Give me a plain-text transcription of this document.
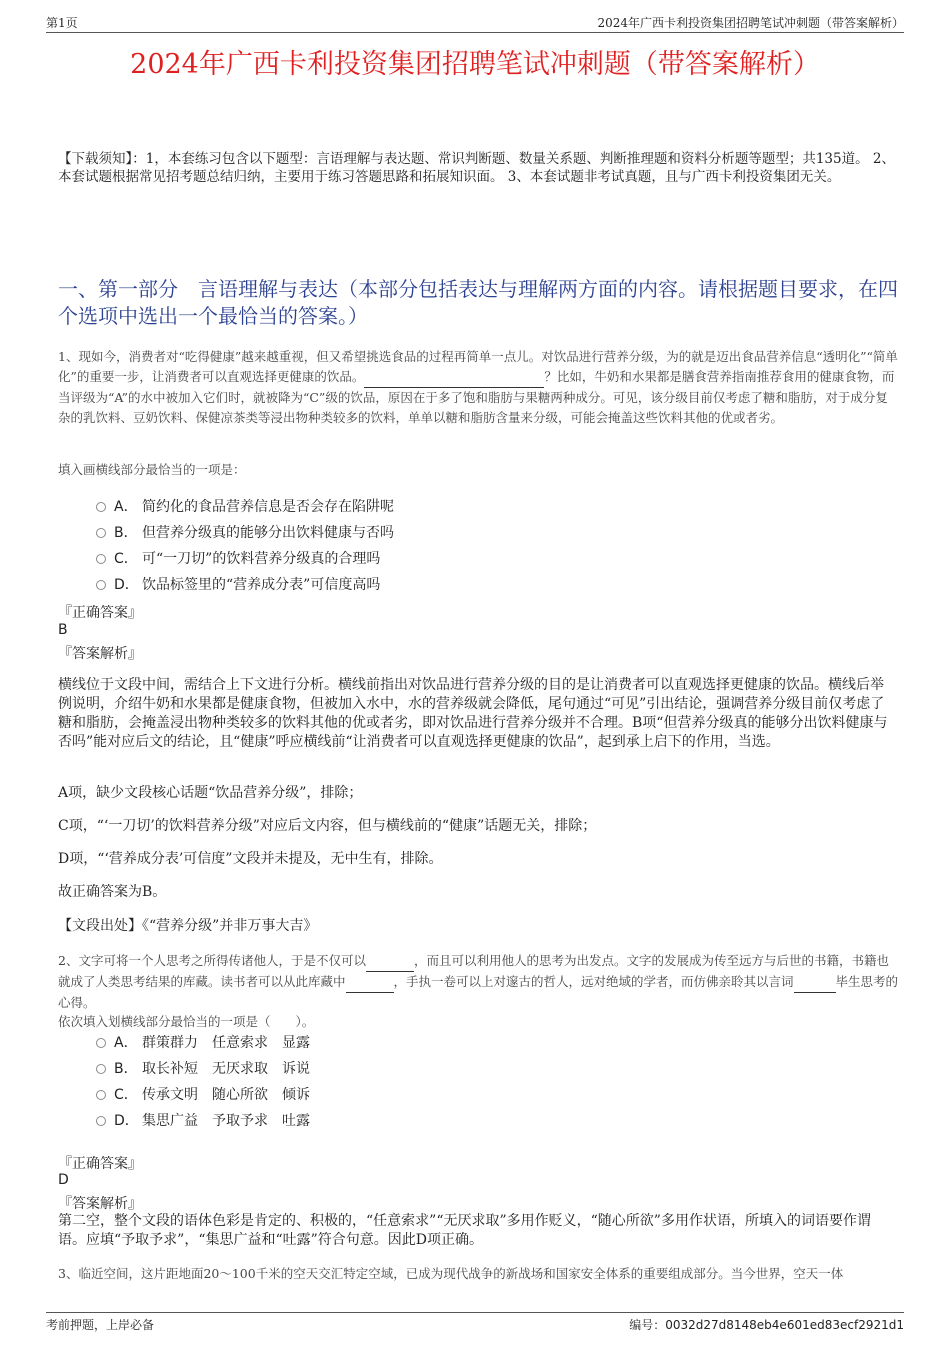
第1页	2024年广西卡利投资集团招聘笔试冲刺题（带答案解析）
2024年广西卡利投资集团招聘笔试冲刺题（带答案解析）
【下载须知】：1，本套练习包含以下题型：言语理解与表达题、常识判断题、数量关系题、判断推理题和资料分析题等题型；共135道。 2、本套试题根据常见招考题总结归纳，主要用于练习答题思路和拓展知识面。 3、本套试题非考试真题，且与广西卡利投资集团无关。
一、第一部分　言语理解与表达（本部分包括表达与理解两方面的内容。请根据题目要求，在四个选项中选出一个最恰当的答案。）
1、现如今，消费者对“吃得健康”越来越重视，但又希望挑选食品的过程再简单一点儿。对饮品进行营养分级，为的就是迈出食品营养信息“透明化”“简单化”的重要一步，让消费者可以直观选择更健康的饮品。	？比如，牛奶和水果都是膳食营养指南推荐食用的健康食物，而当评级为“A”的水中被加入它们时，就被降为“C”级的饮品，原因在于多了饱和脂肪与果糖两种成分。可见，该分级目前仅考虑了糖和脂肪，对于成分复杂的乳饮料、豆奶饮料、保健凉茶类等浸出物种类较多的饮料，单单以糖和脂肪含量来分级，可能会掩盖这些饮料其他的优或者劣。
填入画横线部分最恰当的一项是：
A． 简约化的食品营养信息是否会存在陷阱呢
B． 但营养分级真的能够分出饮料健康与否吗
C． 可“一刀切”的饮料营养分级真的合理吗
D． 饮品标签里的“营养成分表”可信度高吗
『正确答案』
B
『答案解析』
横线位于文段中间，需结合上下文进行分析。横线前指出对饮品进行营养分级的目的是让消费者可以直观选择更健康的饮品。横线后举例说明，介绍牛奶和水果都是健康食物，但被加入水中，水的营养级就会降低，尾句通过“可见”引出结论，强调营养分级目前仅考虑了糖和脂肪，会掩盖浸出物种类较多的饮料其他的优或者劣，即对饮品进行营养分级并不合理。B项“但营养分级真的能够分出饮料健康与否吗”能对应后文的结论，且“健康”呼应横线前“让消费者可以直观选择更健康的饮品”，起到承上启下的作用，当选。
A项，缺少文段核心话题“饮品营养分级”，排除；
C项，“‘一刀切’的饮料营养分级”对应后文内容，但与横线前的“健康”话题无关，排除；
D项，“‘营养成分表’可信度”文段并未提及，无中生有，排除。
故正确答案为B。
【文段出处】《“营养分级”并非万事大吉》
2、文字可将一个人思考之所得传诸他人，于是不仅可以	，而且可以利用他人的思考为出发点。文字的发展成为传至远方与后世的书籍，书籍也就成了人类思考结果的库藏。读书者可以从此库藏中	，手执一卷可以上对邃古的哲人，远对绝域的学者，而仿佛亲聆其以言词	毕生思考的心得。
依次填入划横线部分最恰当的一项是（　　）。
A． 群策群力　任意索求　显露
B． 取长补短　无厌求取　诉说
C． 传承文明　随心所欲　倾诉
D． 集思广益　予取予求　吐露
『正确答案』
D
『答案解析』
第二空，整个文段的语体色彩是肯定的、积极的，“任意索求”“无厌求取”多用作贬义，“随心所欲”多用作状语，所填入的词语要作谓语。应填“予取予求”，“集思广益和“吐露”符合句意。因此D项正确。
3、临近空间，这片距地面20～100千米的空天交汇特定空域，已成为现代战争的新战场和国家安全体系的重要组成部分。当今世界，空天一体
考前押题，上岸必备	编号：0032d27d8148eb4e601ed83ecf2921d1
